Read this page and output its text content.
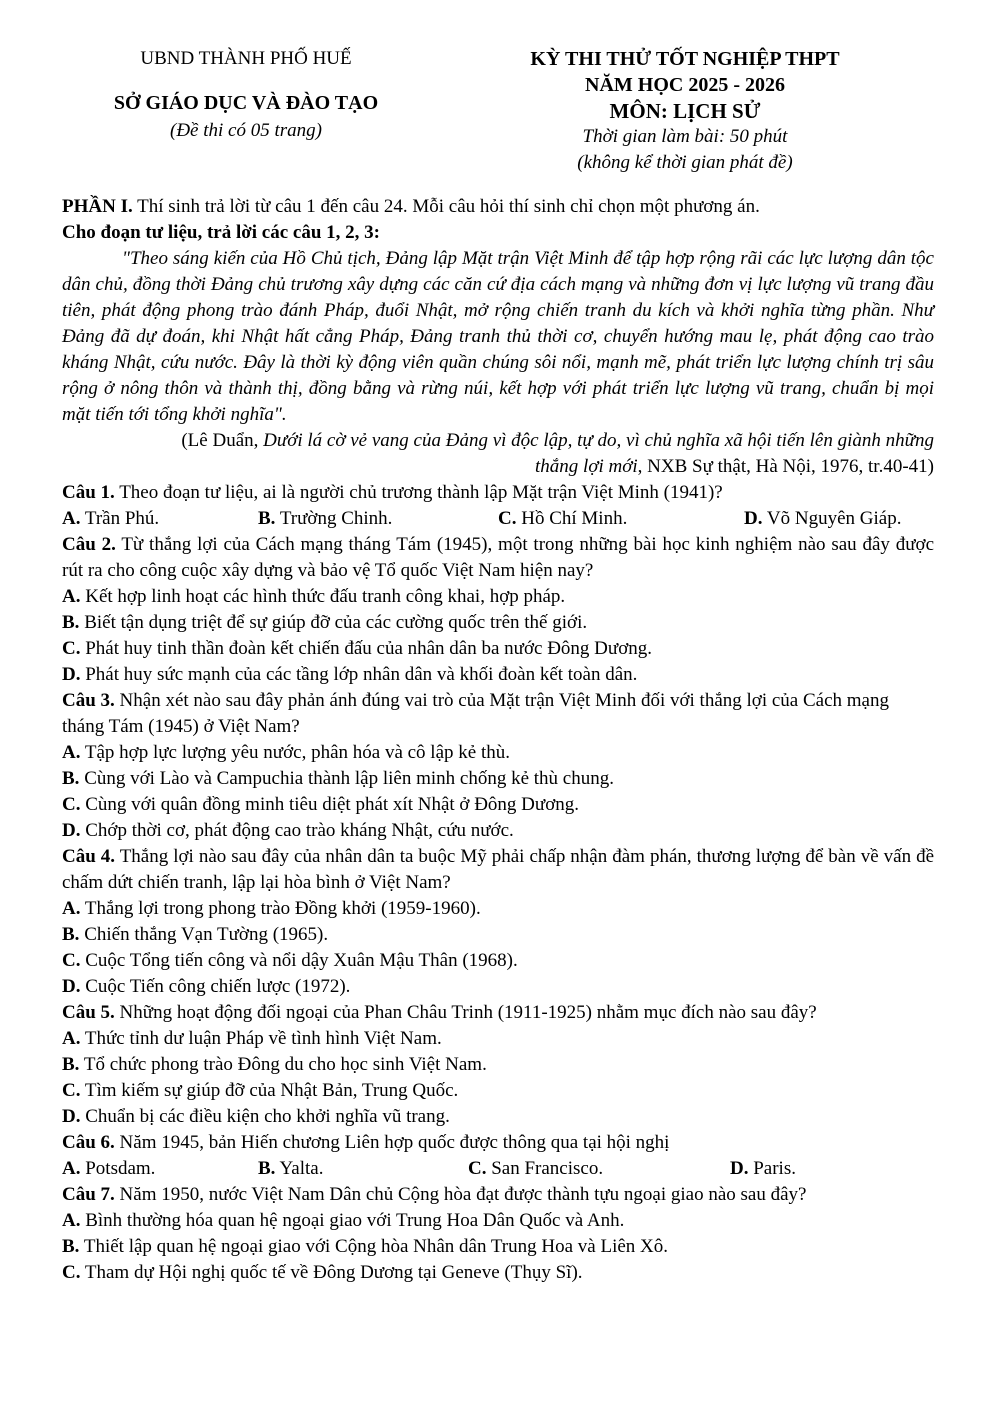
UBND THÀNH PHỐ HUẾ
SỞ GIÁO DỤC VÀ ĐÀO TẠO
(Đề thi có 05 trang)
KỲ THI THỬ TỐT NGHIỆP THPT
NĂM HỌC 2025 - 2026
MÔN: LỊCH SỬ
Thời gian làm bài: 50 phút
(không kể thời gian phát đề)

PHẦN I. Thí sinh trả lời từ câu 1 đến câu 24. Mỗi câu hỏi thí sinh chỉ chọn một phương án.

Cho đoạn tư liệu, trả lời các câu 1, 2, 3:

"Theo sáng kiến của Hồ Chủ tịch, Đảng lập Mặt trận Việt Minh để tập hợp rộng rãi các lực lượng dân tộc dân chủ, đồng thời Đảng chủ trương xây dựng các căn cứ địa cách mạng và những đơn vị lực lượng vũ trang đầu tiên, phát động phong trào đánh Pháp, đuổi Nhật, mở rộng chiến tranh du kích và khởi nghĩa từng phần. Như Đảng đã dự đoán, khi Nhật hất cẳng Pháp, Đảng tranh thủ thời cơ, chuyển hướng mau lẹ, phát động cao trào kháng Nhật, cứu nước. Đây là thời kỳ động viên quần chúng sôi nổi, mạnh mẽ, phát triển lực lượng chính trị sâu rộng ở nông thôn và thành thị, đồng bằng và rừng núi, kết hợp với phát triển lực lượng vũ trang, chuẩn bị mọi mặt tiến tới tổng khởi nghĩa".

(Lê Duẩn, Dưới lá cờ vẻ vang của Đảng vì độc lập, tự do, vì chủ nghĩa xã hội tiến lên giành những

thắng lợi mới, NXB Sự thật, Hà Nội, 1976, tr.40-41)

Câu 1. Theo đoạn tư liệu, ai là người chủ trương thành lập Mặt trận Việt Minh (1941)?

A. Trần Phú.	B. Trường Chinh.	C. Hồ Chí Minh.	D. Võ Nguyên Giáp.

Câu 2. Từ thắng lợi của Cách mạng tháng Tám (1945), một trong những bài học kinh nghiệm nào sau đây được rút ra cho công cuộc xây dựng và bảo vệ Tổ quốc Việt Nam hiện nay?

A. Kết hợp linh hoạt các hình thức đấu tranh công khai, hợp pháp.

B. Biết tận dụng triệt để sự giúp đỡ của các cường quốc trên thế giới.

C. Phát huy tinh thần đoàn kết chiến đấu của nhân dân ba nước Đông Dương.

D. Phát huy sức mạnh của các tầng lớp nhân dân và khối đoàn kết toàn dân.

Câu 3. Nhận xét nào sau đây phản ánh đúng vai trò của Mặt trận Việt Minh đối với thắng lợi của Cách mạng tháng Tám (1945) ở Việt Nam?

A. Tập hợp lực lượng yêu nước, phân hóa và cô lập kẻ thù.

B. Cùng với Lào và Campuchia thành lập liên minh chống kẻ thù chung.

C. Cùng với quân đồng minh tiêu diệt phát xít Nhật ở Đông Dương.

D. Chớp thời cơ, phát động cao trào kháng Nhật, cứu nước.

Câu 4. Thắng lợi nào sau đây của nhân dân ta buộc Mỹ phải chấp nhận đàm phán, thương lượng để bàn về vấn đề chấm dứt chiến tranh, lập lại hòa bình ở Việt Nam?

A. Thắng lợi trong phong trào Đồng khởi (1959-1960).

B. Chiến thắng Vạn Tường (1965).

C. Cuộc Tổng tiến công và nổi dậy Xuân Mậu Thân (1968).

D. Cuộc Tiến công chiến lược (1972).

Câu 5. Những hoạt động đối ngoại của Phan Châu Trinh (1911-1925) nhằm mục đích nào sau đây?

A. Thức tỉnh dư luận Pháp về tình hình Việt Nam.

B. Tổ chức phong trào Đông du cho học sinh Việt Nam.

C. Tìm kiếm sự giúp đỡ của Nhật Bản, Trung Quốc.

D. Chuẩn bị các điều kiện cho khởi nghĩa vũ trang.

Câu 6. Năm 1945, bản Hiến chương Liên hợp quốc được thông qua tại hội nghị

A. Potsdam.	B. Yalta.	C. San Francisco.	D. Paris.

Câu 7. Năm 1950, nước Việt Nam Dân chủ Cộng hòa đạt được thành tựu ngoại giao nào sau đây?

A. Bình thường hóa quan hệ ngoại giao với Trung Hoa Dân Quốc và Anh.

B. Thiết lập quan hệ ngoại giao với Cộng hòa Nhân dân Trung Hoa và Liên Xô.

C. Tham dự Hội nghị quốc tế về Đông Dương tại Geneve (Thụy Sĩ).
